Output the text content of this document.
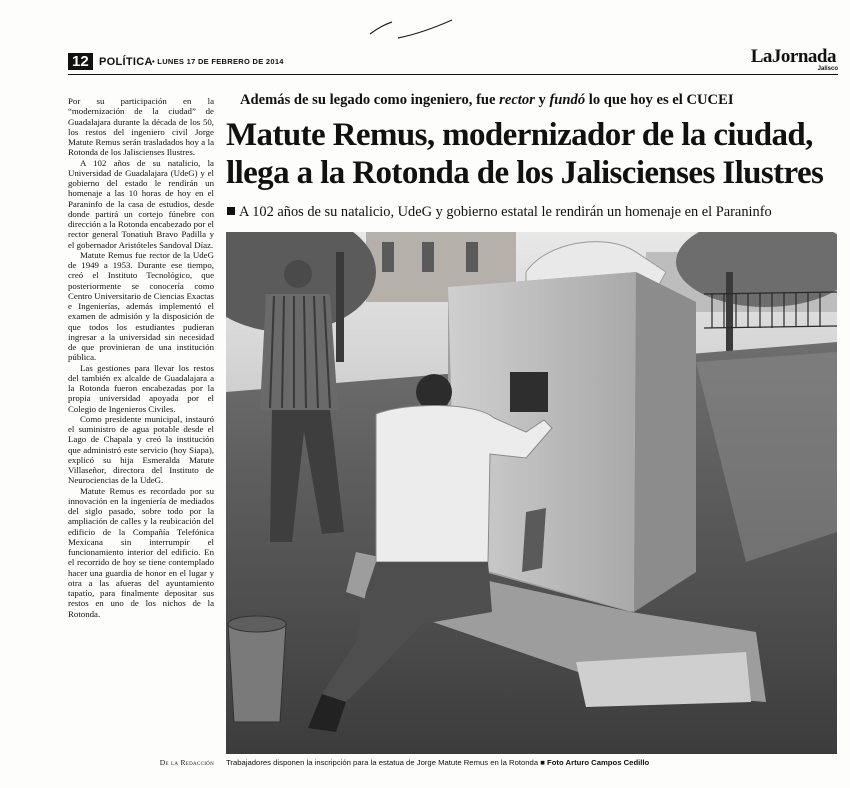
12 POLÍTICA • LUNES 17 DE FEBRERO DE 2014	LaJornada
Jalisco

Por su participación en la “modernización de la ciudad” de Guadalajara durante la década de los 50, los restos del ingeniero civil Jorge Matute Remus serán trasladados hoy a la Rotonda de los Jaliscienses Ilustres.

A 102 años de su natalicio, la Universidad de Guadalajara (UdeG) y el gobierno del estado le rendirán un homenaje a las 10 horas de hoy en el Paraninfo de la casa de estudios, desde donde partirá un cortejo fúnebre con dirección a la Rotonda encabezado por el rector general Tonatiuh Bravo Padilla y el gobernador Aristóteles Sandoval Díaz.

Matute Remus fue rector de la UdeG de 1949 a 1953. Durante ese tiempo, creó el Instituto Tecnológico, que posteriormente se conocería como Centro Universitario de Ciencias Exactas e Ingenierías, además implementó el examen de admisión y la disposición de que todos los estudiantes pudieran ingresar a la universidad sin necesidad de que provinieran de una institución pública.

Las gestiones para llevar los restos del también ex alcalde de Guadalajara a la Rotonda fueron encabezadas por la propia universidad apoyada por el Colegio de Ingenieros Civiles.

Como presidente municipal, instauró el suministro de agua potable desde el Lago de Chapala y creó la institución que administró este servicio (hoy Siapa), explicó su hija Esmeralda Matute Villaseñor, directora del Instituto de Neurociencias de la UdeG.

Matute Remus es recordado por su innovación en la ingeniería de mediados del siglo pasado, sobre todo por la ampliación de calles y la reubicación del edificio de la Compañía Telefónica Mexicana sin interrumpir el funcionamiento interior del edificio. En el recorrido de hoy se tiene contemplado hacer una guardia de honor en el lugar y otra a las afueras del ayuntamiento tapatío, para finalmente depositar sus restos en uno de los nichos de la Rotonda.

De la Redacción
Además de su legado como ingeniero, fue rector y fundó lo que hoy es el CUCEI
Matute Remus, modernizador de la ciudad,
llega a la Rotonda de los Jaliscienses Ilustres
A 102 años de su natalicio, UdeG y gobierno estatal le rendirán un homenaje en el Paraninfo
Trabajadores disponen la inscripción para la estatua de Jorge Matute Remus en la Rotonda ■ Foto Arturo Campos Cedillo
